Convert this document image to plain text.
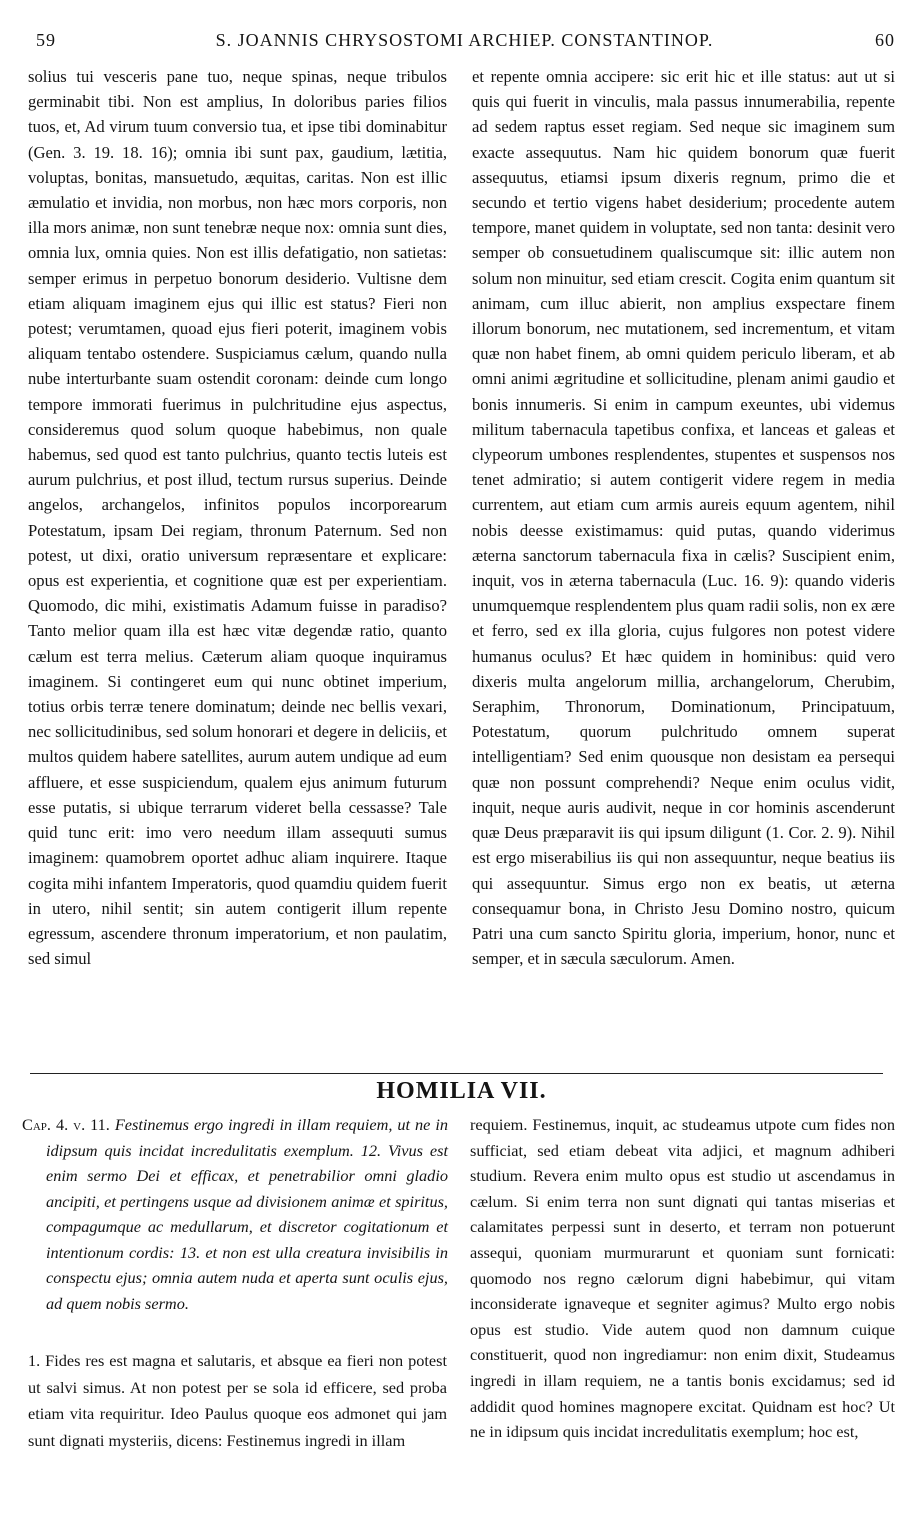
59	S. JOANNIS CHRYSOSTOMI ARCHIEP. CONSTANTINOP.	60

solius tui vesceris pane tuo, neque spinas, neque tribulos germinabit tibi. Non est amplius, In doloribus paries filios tuos, et, Ad virum tuum conversio tua, et ipse tibi dominabitur (Gen. 3. 19. 18. 16); omnia ibi sunt pax, gaudium, lætitia, voluptas, bonitas, mansuetudo, æquitas, caritas. Non est illic æmulatio et invidia, non morbus, non hæc mors corporis, non illa mors animæ, non sunt tenebræ neque nox: omnia sunt dies, omnia lux, omnia quies. Non est illis defatigatio, non satietas: semper erimus in perpetuo bonorum desiderio. Vultisne dem etiam aliquam imaginem ejus qui illic est status? Fieri non potest; verumtamen, quoad ejus fieri poterit, imaginem vobis aliquam tentabo ostendere. Suspiciamus cælum, quando nulla nube interturbante suam ostendit coronam: deinde cum longo tempore immorati fuerimus in pulchritudine ejus aspectus, consideremus quod solum quoque habebimus, non quale habemus, sed quod est tanto pulchrius, quanto tectis luteis est aurum pulchrius, et post illud, tectum rursus superius. Deinde angelos, archangelos, infinitos populos incorporearum Potestatum, ipsam Dei regiam, thronum Paternum. Sed non potest, ut dixi, oratio universum repræsentare et explicare: opus est experientia, et cognitione quæ est per experientiam. Quomodo, dic mihi, existimatis Adamum fuisse in paradiso? Tanto melior quam illa est hæc vitæ degendæ ratio, quanto cælum est terra melius. Cæterum aliam quoque inquiramus imaginem. Si contingeret eum qui nunc obtinet imperium, totius orbis terræ tenere dominatum; deinde nec bellis vexari, nec sollicitudinibus, sed solum honorari et degere in deliciis, et multos quidem habere satellites, aurum autem undique ad eum affluere, et esse suspiciendum, qualem ejus animum futurum esse putatis, si ubique terrarum videret bella cessasse? Tale quid tunc erit: imo vero needum illam assequuti sumus imaginem: quamobrem oportet adhuc aliam inquirere. Itaque cogita mihi infantem Imperatoris, quod quamdiu quidem fuerit in utero, nihil sentit; sin autem contigerit illum repente egressum, ascendere thronum imperatorium, et non paulatim, sed simul

et repente omnia accipere: sic erit hic et ille status: aut ut si quis qui fuerit in vinculis, mala passus innumerabilia, repente ad sedem raptus esset regiam. Sed neque sic imaginem sum exacte assequutus. Nam hic quidem bonorum quæ fuerit assequutus, etiamsi ipsum dixeris regnum, primo die et secundo et tertio vigens habet desiderium; procedente autem tempore, manet quidem in voluptate, sed non tanta: desinit vero semper ob consuetudinem qualiscumque sit: illic autem non solum non minuitur, sed etiam crescit. Cogita enim quantum sit animam, cum illuc abierit, non amplius exspectare finem illorum bonorum, nec mutationem, sed incrementum, et vitam quæ non habet finem, ab omni quidem periculo liberam, et ab omni animi ægritudine et sollicitudine, plenam animi gaudio et bonis innumeris. Si enim in campum exeuntes, ubi videmus militum tabernacula tapetibus confixa, et lanceas et galeas et clypeorum umbones resplendentes, stupentes et suspensos nos tenet admiratio; si autem contigerit videre regem in media currentem, aut etiam cum armis aureis equum agentem, nihil nobis deesse existimamus: quid putas, quando viderimus æterna sanctorum tabernacula fixa in cælis? Suscipient enim, inquit, vos in æterna tabernacula (Luc. 16. 9): quando videris unumquemque resplendentem plus quam radii solis, non ex ære et ferro, sed ex illa gloria, cujus fulgores non potest videre humanus oculus? Et hæc quidem in hominibus: quid vero dixeris multa angelorum millia, archangelorum, Cherubim, Seraphim, Thronorum, Dominationum, Principatuum, Potestatum, quorum pulchritudo omnem superat intelligentiam? Sed enim quousque non desistam ea persequi quæ non possunt comprehendi? Neque enim oculus vidit, inquit, neque auris audivit, neque in cor hominis ascenderunt quæ Deus præparavit iis qui ipsum diligunt (1. Cor. 2. 9). Nihil est ergo miserabilius iis qui non assequuntur, neque beatius iis qui assequuntur. Simus ergo non ex beatis, ut æterna consequamur bona, in Christo Jesu Domino nostro, quicum Patri una cum sancto Spiritu gloria, imperium, honor, nunc et semper, et in sæcula sæculorum. Amen.

HOMILIA VII.
Cap. 4. v. 11. Festinemus ergo ingredi in illam requiem, ut ne in idipsum quis incidat incredulitatis exemplum. 12. Vivus est enim sermo Dei et efficax, et penetrabilior omni gladio ancipiti, et pertingens usque ad divisionem animæ et spiritus, compagumque ac medullarum, et discretor cogitationum et intentionum cordis: 13. et non est ulla creatura invisibilis in conspectu ejus; omnia autem nuda et aperta sunt oculis ejus, ad quem nobis sermo.

1. Fides res est magna et salutaris, et absque ea fieri non potest ut salvi simus. At non potest per se sola id efficere, sed proba etiam vita requiritur. Ideo Paulus quoque eos admonet qui jam sunt dignati mysteriis, dicens: Festinemus ingredi in illam

requiem. Festinemus, inquit, ac studeamus utpote cum fides non sufficiat, sed etiam debeat vita adjici, et magnum adhiberi studium. Revera enim multo opus est studio ut ascendamus in cælum. Si enim terra non sunt dignati qui tantas miserias et calamitates perpessi sunt in deserto, et terram non potuerunt assequi, quoniam murmurarunt et quoniam sunt fornicati: quomodo nos regno cælorum digni habebimur, qui vitam inconsiderate ignaveque et segniter agimus? Multo ergo nobis opus est studio. Vide autem quod non damnum cuique constituerit, quod non ingrediamur: non enim dixit, Studeamus ingredi in illam requiem, ne a tantis bonis excidamus; sed id addidit quod homines magnopere excitat. Quidnam est hoc? Ut ne in idipsum quis incidat incredulitatis exemplum; hoc est,
